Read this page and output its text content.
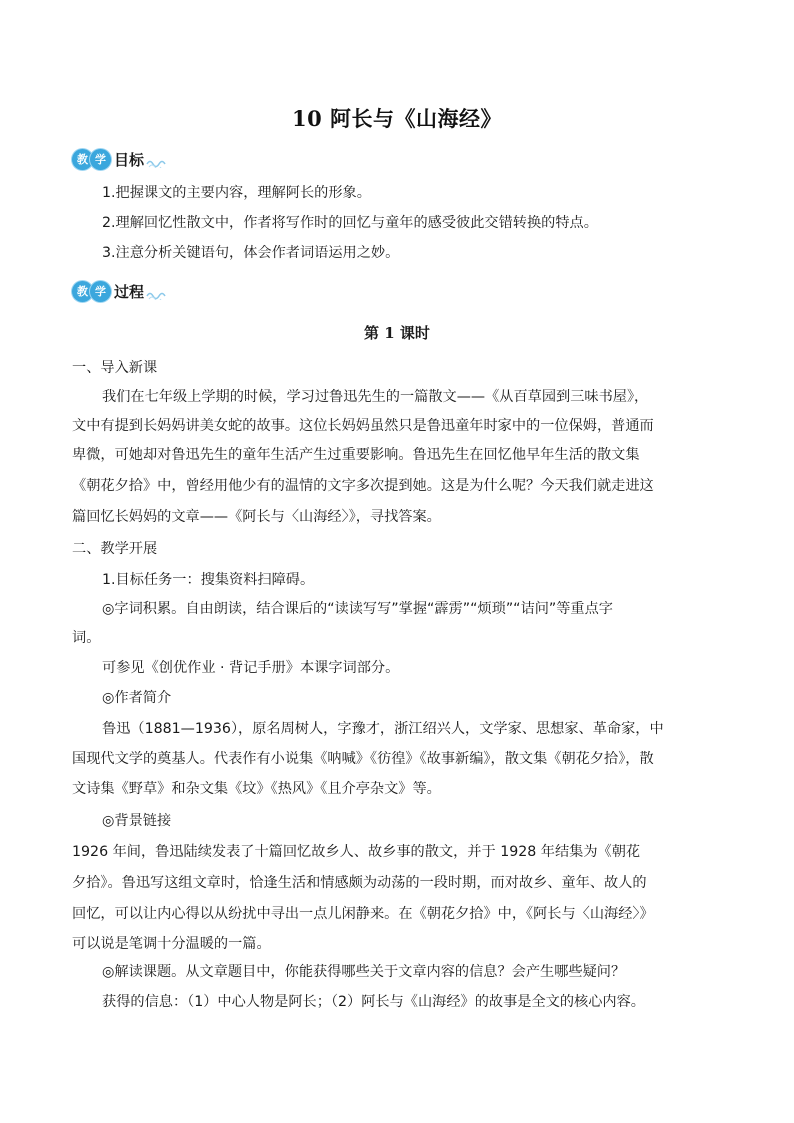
10 阿长与《山海经》
教 学 目标
1.把握课文的主要内容，理解阿长的形象。
2.理解回忆性散文中，作者将写作时的回忆与童年的感受彼此交错转换的特点。
3.注意分析关键语句，体会作者词语运用之妙。
教 学 过程
第 1 课时
一、导入新课
我们在七年级上学期的时候，学习过鲁迅先生的一篇散文——《从百草园到三味书屋》，
文中有提到长妈妈讲美女蛇的故事。这位长妈妈虽然只是鲁迅童年时家中的一位保姆，普通而
卑微，可她却对鲁迅先生的童年生活产生过重要影响。鲁迅先生在回忆他早年生活的散文集
《朝花夕拾》中，曾经用他少有的温情的文字多次提到她。这是为什么呢？今天我们就走进这
篇回忆长妈妈的文章——《阿长与〈山海经〉》，寻找答案。
二、教学开展
1.目标任务一：搜集资料扫障碍。
◎字词积累。自由朗读，结合课后的“读读写写”掌握“霹雳”“烦琐”“诘问”等重点字
词。
可参见《创优作业 · 背记手册》本课字词部分。
◎作者简介
鲁迅（1881—1936），原名周树人，字豫才，浙江绍兴人，文学家、思想家、革命家，中
国现代文学的奠基人。代表作有小说集《呐喊》《彷徨》《故事新编》，散文集《朝花夕拾》，散
文诗集《野草》和杂文集《坟》《热风》《且介亭杂文》等。
◎背景链接
1926 年间，鲁迅陆续发表了十篇回忆故乡人、故乡事的散文，并于 1928 年结集为《朝花
夕拾》。鲁迅写这组文章时，恰逢生活和情感颇为动荡的一段时期，而对故乡、童年、故人的
回忆，可以让内心得以从纷扰中寻出一点儿闲静来。在《朝花夕拾》中，《阿长与〈山海经〉》
可以说是笔调十分温暖的一篇。
◎解读课题。从文章题目中，你能获得哪些关于文章内容的信息？会产生哪些疑问？
获得的信息：（1）中心人物是阿长；（2）阿长与《山海经》的故事是全文的核心内容。
